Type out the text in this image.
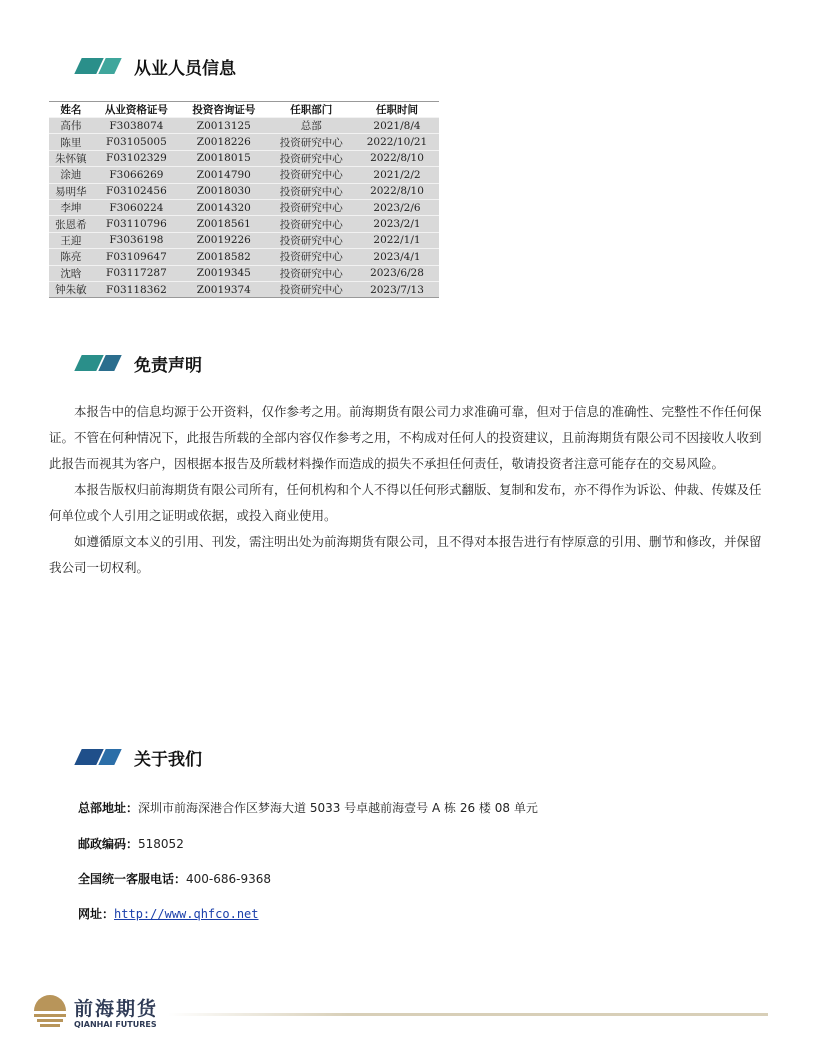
从业人员信息
姓名	从业资格证号	投资咨询证号	任职部门	任职时间
高伟	F3038074	Z0013125	总部	2021/8/4
陈里	F03105005	Z0018226	投资研究中心	2022/10/21
朱怀镇	F03102329	Z0018015	投资研究中心	2022/8/10
涂迪	F3066269	Z0014790	投资研究中心	2021/2/2
易明华	F03102456	Z0018030	投资研究中心	2022/8/10
李坤	F3060224	Z0014320	投资研究中心	2023/2/6
张恩希	F03110796	Z0018561	投资研究中心	2023/2/1
王迎	F3036198	Z0019226	投资研究中心	2022/1/1
陈亮	F03109647	Z0018582	投资研究中心	2023/4/1
沈晗	F03117287	Z0019345	投资研究中心	2023/6/28
钟朱敏	F03118362	Z0019374	投资研究中心	2023/7/13
免责声明
本报告中的信息均源于公开资料，仅作参考之用。前海期货有限公司力求准确可靠，但对于信息的准确性、完整性不作任何保证。不管在何种情况下，此报告所载的全部内容仅作参考之用，不构成对任何人的投资建议，且前海期货有限公司不因接收人收到此报告而视其为客户，因根据本报告及所载材料操作而造成的损失不承担任何责任，敬请投资者注意可能存在的交易风险。
本报告版权归前海期货有限公司所有，任何机构和个人不得以任何形式翻版、复制和发布，亦不得作为诉讼、仲裁、传媒及任何单位或个人引用之证明或依据，或投入商业使用。
如遵循原文本义的引用、刊发，需注明出处为前海期货有限公司，且不得对本报告进行有悖原意的引用、删节和修改，并保留我公司一切权利。
关于我们
总部地址：深圳市前海深港合作区梦海大道 5033 号卓越前海壹号 A 栋 26 楼 08 单元
邮政编码：518052
全国统一客服电话：400-686-9368
网址：http://www.qhfco.net
前海期货
QIANHAI FUTURES
